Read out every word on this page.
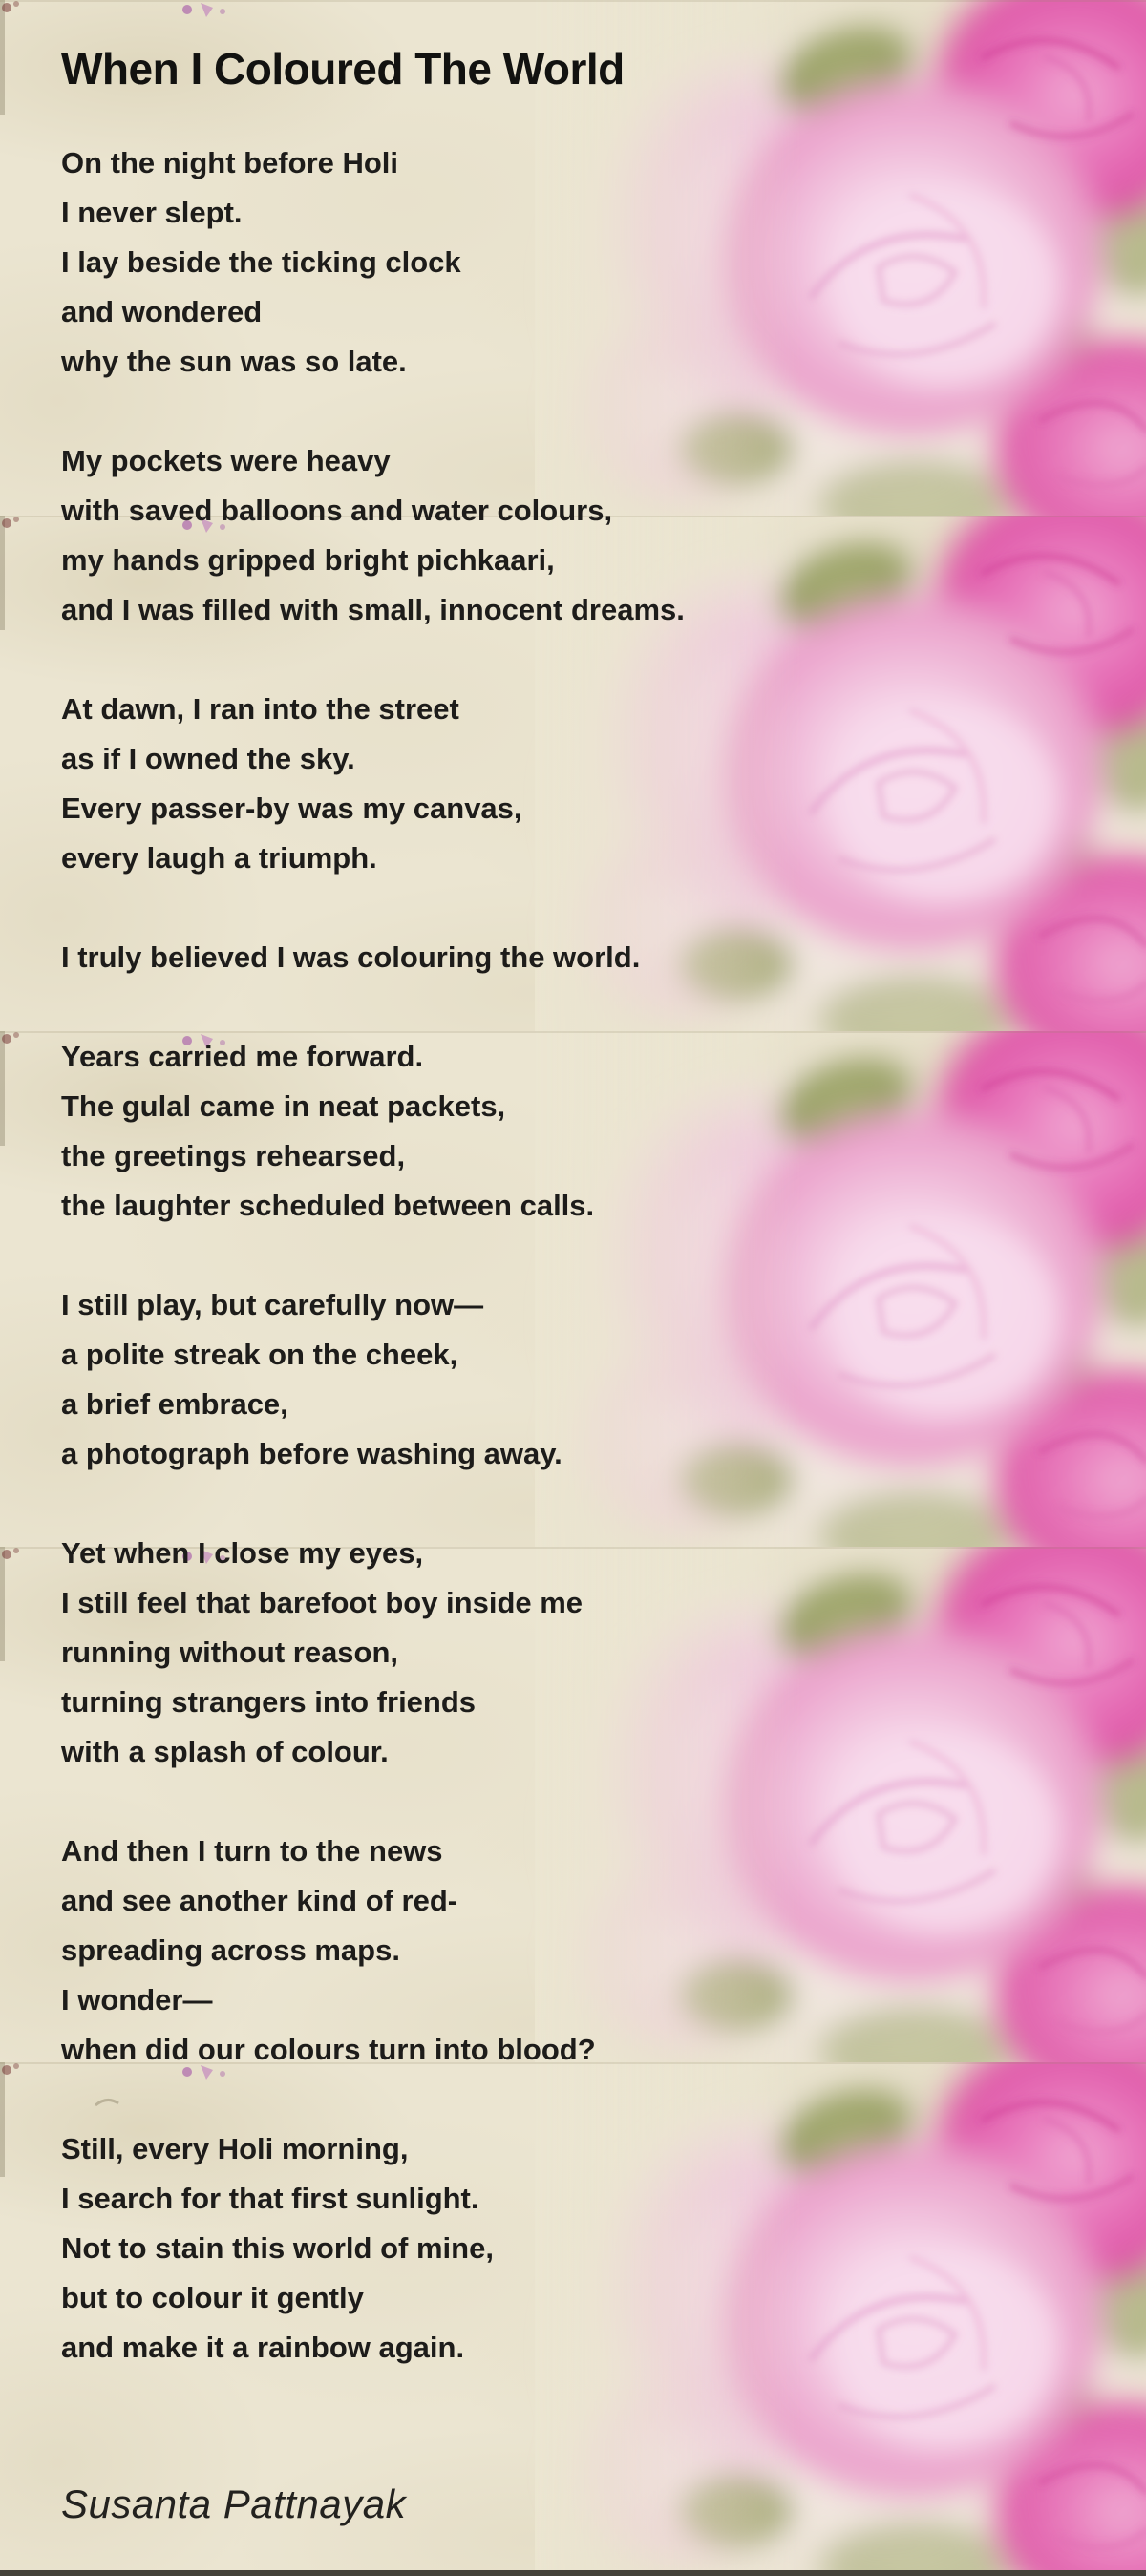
When I Coloured The World

On the night before Holi

I never slept.

I lay beside the ticking clock

and wondered

why the sun was so late.

My pockets were heavy

with saved balloons and water colours,

my hands gripped bright pichkaari,

and I was filled with small, innocent dreams.

At dawn, I ran into the street

as if I owned the sky.

Every passer-by was my canvas,

every laugh a triumph.

I truly believed I was colouring the world.

Years carried me forward.

The gulal came in neat packets,

the greetings rehearsed,

the laughter scheduled between calls.

I still play, but carefully now—

a polite streak on the cheek,

a brief embrace,

a photograph before washing away.

Yet when I close my eyes,

I still feel that barefoot boy inside me

running without reason,

turning strangers into friends

with a splash of colour.

And then I turn to the news

and see another kind of red-

spreading across maps.

I wonder—

when did our colours turn into blood?

Still, every Holi morning,

I search for that first sunlight.

Not to stain this world of mine,

but to colour it gently

and make it a rainbow again.

Susanta Pattnayak
